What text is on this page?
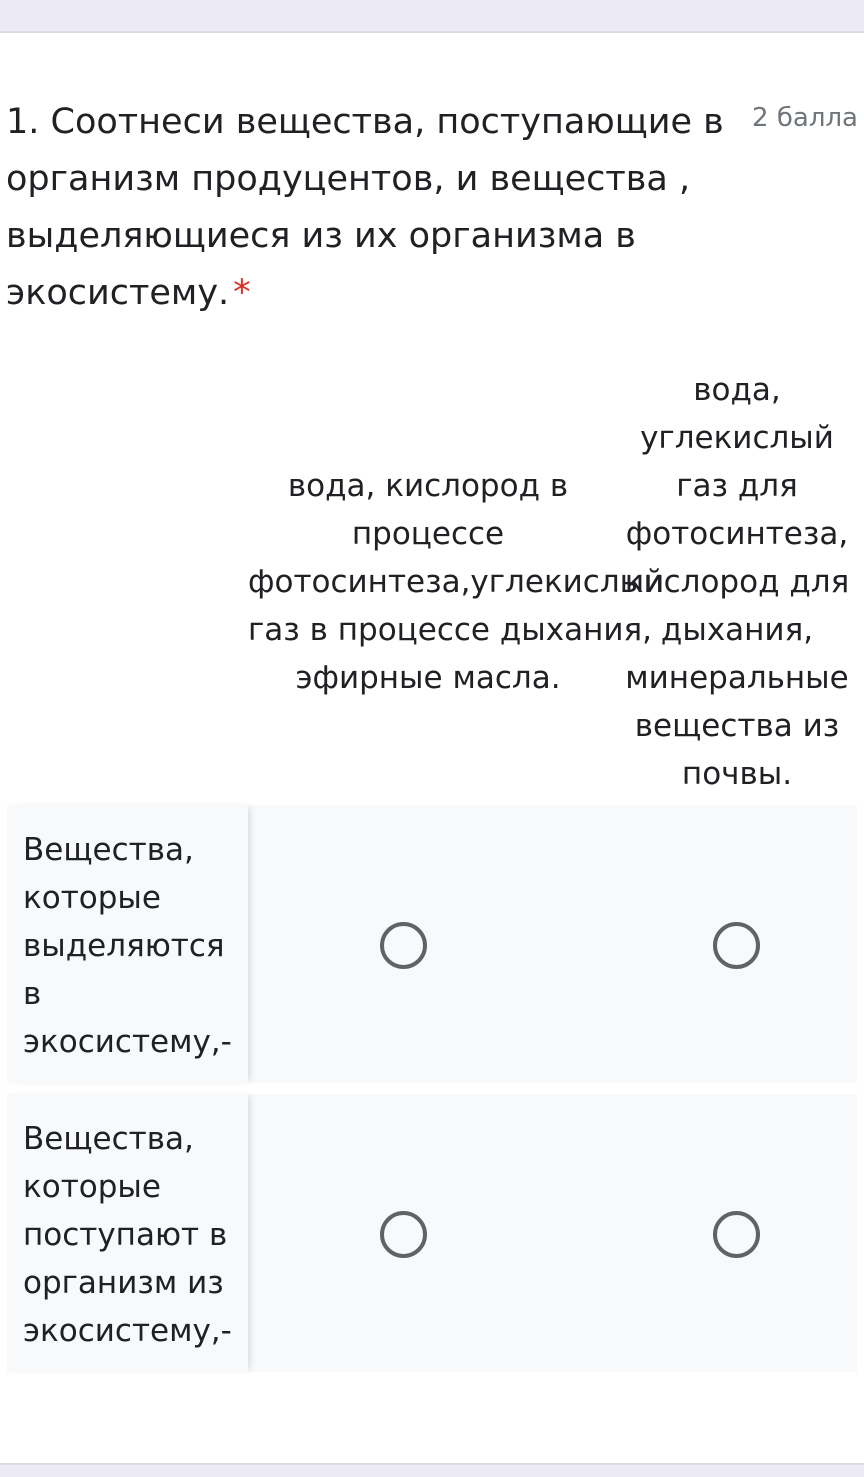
1. Соотнеси вещества, поступающие в
организм продуцентов, и вещества ,
выделяющиеся из их организма в
экосистему. *
2 балла
вода, кислород в
процессе
фотосинтеза,углекислый
газ в процессе дыхания,
эфирные масла.
вода,
углекислый
газ для
фотосинтеза,
кислород для
дыхания,
минеральные
вещества из
почвы.
Вещества,
которые
выделяются
в
экосистему,-
Вещества,
которые
поступают в
организм из
экосистему,-
